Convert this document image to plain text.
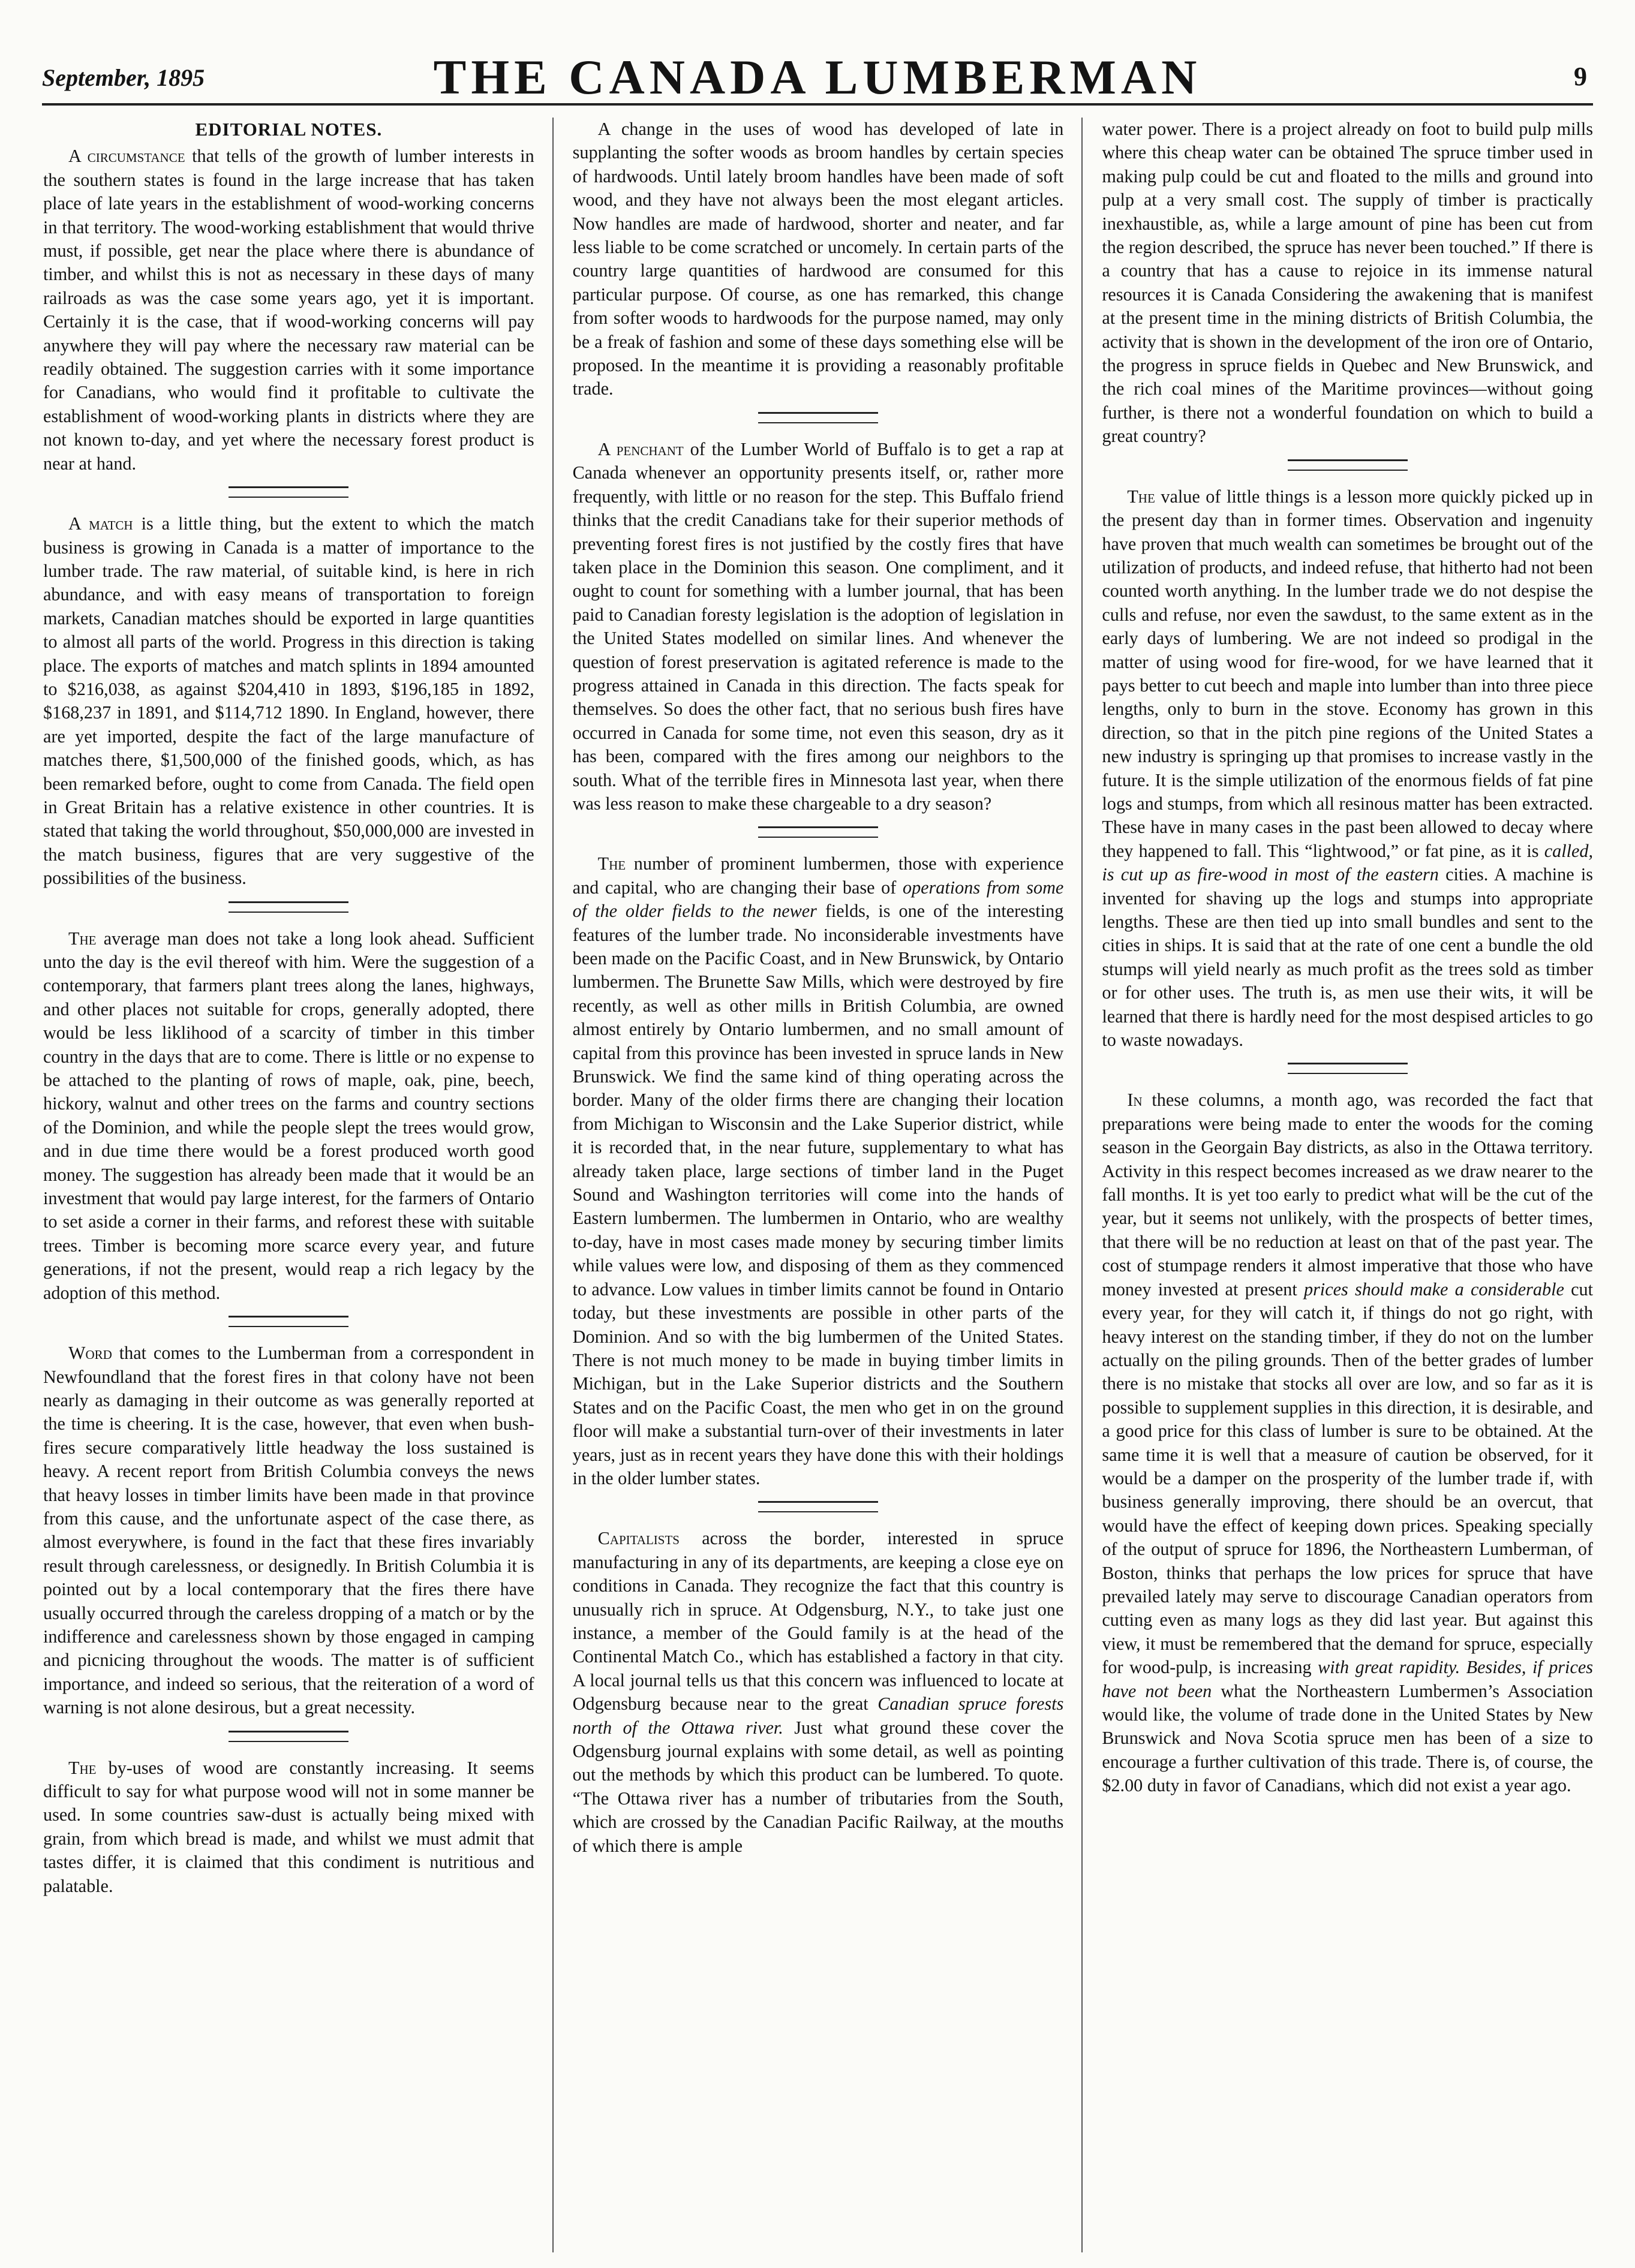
September, 1895	THE CANADA LUMBERMAN	9
EDITORIAL NOTES.

A circumstance that tells of the growth of lumber interests in the southern states is found in the large increase that has taken place of late years in the establishment of wood-working concerns in that territory. The wood-working establishment that would thrive must, if possible, get near the place where there is abundance of timber, and whilst this is not as necessary in these days of many railroads as was the case some years ago, yet it is important. Certainly it is the case, that if wood-working concerns will pay anywhere they will pay where the necessary raw material can be readily obtained. The suggestion carries with it some importance for Canadians, who would find it profitable to cultivate the establishment of wood-working plants in districts where they are not known to-day, and yet where the necessary forest product is near at hand.

A match is a little thing, but the extent to which the match business is growing in Canada is a matter of importance to the lumber trade. The raw material, of suitable kind, is here in rich abundance, and with easy means of transportation to foreign markets, Canadian matches should be exported in large quantities to almost all parts of the world. Progress in this direction is taking place. The exports of matches and match splints in 1894 amounted to $216,038, as against $204,410 in 1893, $196,185 in 1892, $168,237 in 1891, and $114,712 1890. In England, however, there are yet imported, despite the fact of the large manufacture of matches there, $1,500,000 of the finished goods, which, as has been remarked before, ought to come from Canada. The field open in Great Britain has a relative existence in other countries. It is stated that taking the world throughout, $50,000,000 are invested in the match business, figures that are very suggestive of the possibilities of the business.

The average man does not take a long look ahead. Sufficient unto the day is the evil thereof with him. Were the suggestion of a contemporary, that farmers plant trees along the lanes, highways, and other places not suitable for crops, generally adopted, there would be less liklihood of a scarcity of timber in this timber country in the days that are to come. There is little or no expense to be attached to the planting of rows of maple, oak, pine, beech, hickory, walnut and other trees on the farms and country sections of the Dominion, and while the people slept the trees would grow, and in due time there would be a forest produced worth good money. The suggestion has already been made that it would be an investment that would pay large interest, for the farmers of Ontario to set aside a corner in their farms, and reforest these with suitable trees. Timber is becoming more scarce every year, and future generations, if not the present, would reap a rich legacy by the adoption of this method.

Word that comes to the Lumberman from a correspondent in Newfoundland that the forest fires in that colony have not been nearly as damaging in their outcome as was generally reported at the time is cheering. It is the case, however, that even when bush-fires secure comparatively little headway the loss sustained is heavy. A recent report from British Columbia conveys the news that heavy losses in timber limits have been made in that province from this cause, and the unfortunate aspect of the case there, as almost everywhere, is found in the fact that these fires invariably result through carelessness, or designedly. In British Columbia it is pointed out by a local contemporary that the fires there have usually occurred through the careless dropping of a match or by the indifference and carelessness shown by those engaged in camping and picnicing throughout the woods. The matter is of sufficient importance, and indeed so serious, that the reiteration of a word of warning is not alone desirous, but a great necessity.

The by-uses of wood are constantly increasing. It seems difficult to say for what purpose wood will not in some manner be used. In some countries saw-dust is actually being mixed with grain, from which bread is made, and whilst we must admit that tastes differ, it is claimed that this condiment is nutritious and palatable.

A change in the uses of wood has developed of late in supplanting the softer woods as broom handles by certain species of hardwoods. Until lately broom handles have been made of soft wood, and they have not always been the most elegant articles. Now handles are made of hardwood, shorter and neater, and far less liable to be come scratched or uncomely. In certain parts of the country large quantities of hardwood are consumed for this particular purpose. Of course, as one has remarked, this change from softer woods to hardwoods for the purpose named, may only be a freak of fashion and some of these days something else will be proposed. In the meantime it is providing a reasonably profitable trade.

A penchant of the Lumber World of Buffalo is to get a rap at Canada whenever an opportunity presents itself, or, rather more frequently, with little or no reason for the step. This Buffalo friend thinks that the credit Canadians take for their superior methods of preventing forest fires is not justified by the costly fires that have taken place in the Dominion this season. One compliment, and it ought to count for something with a lumber journal, that has been paid to Canadian foresty legislation is the adoption of legislation in the United States modelled on similar lines. And whenever the question of forest preservation is agitated reference is made to the progress attained in Canada in this direction. The facts speak for themselves. So does the other fact, that no serious bush fires have occurred in Canada for some time, not even this season, dry as it has been, compared with the fires among our neighbors to the south. What of the terrible fires in Minnesota last year, when there was less reason to make these chargeable to a dry season?

The number of prominent lumbermen, those with experience and capital, who are changing their base of operations from some of the older fields to the newer fields, is one of the interesting features of the lumber trade. No inconsiderable investments have been made on the Pacific Coast, and in New Brunswick, by Ontario lumbermen. The Brunette Saw Mills, which were destroyed by fire recently, as well as other mills in British Columbia, are owned almost entirely by Ontario lumbermen, and no small amount of capital from this province has been invested in spruce lands in New Brunswick. We find the same kind of thing operating across the border. Many of the older firms there are changing their location from Michigan to Wisconsin and the Lake Superior district, while it is recorded that, in the near future, supplementary to what has already taken place, large sections of timber land in the Puget Sound and Washington territories will come into the hands of Eastern lumbermen. The lumbermen in Ontario, who are wealthy to-day, have in most cases made money by securing timber limits while values were low, and disposing of them as they commenced to advance. Low values in timber limits cannot be found in Ontario today, but these investments are possible in other parts of the Dominion. And so with the big lumbermen of the United States. There is not much money to be made in buying timber limits in Michigan, but in the Lake Superior districts and the Southern States and on the Pacific Coast, the men who get in on the ground floor will make a substantial turn-over of their investments in later years, just as in recent years they have done this with their holdings in the older lumber states.

Capitalists across the border, interested in spruce manufacturing in any of its departments, are keeping a close eye on conditions in Canada. They recognize the fact that this country is unusually rich in spruce. At Odgensburg, N.Y., to take just one instance, a member of the Gould family is at the head of the Continental Match Co., which has established a factory in that city. A local journal tells us that this concern was influenced to locate at Odgensburg because near to the great Canadian spruce forests north of the Ottawa river. Just what ground these cover the Odgensburg journal explains with some detail, as well as pointing out the methods by which this product can be lumbered. To quote. “The Ottawa river has a number of tributaries from the South, which are crossed by the Canadian Pacific Railway, at the mouths of which there is ample

water power. There is a project already on foot to build pulp mills where this cheap water can be obtained The spruce timber used in making pulp could be cut and floated to the mills and ground into pulp at a very small cost. The supply of timber is practically inexhaustible, as, while a large amount of pine has been cut from the region described, the spruce has never been touched.” If there is a country that has a cause to rejoice in its immense natural resources it is Canada Considering the awakening that is manifest at the present time in the mining districts of British Columbia, the activity that is shown in the development of the iron ore of Ontario, the progress in spruce fields in Quebec and New Brunswick, and the rich coal mines of the Maritime provinces—without going further, is there not a wonderful foundation on which to build a great country?

The value of little things is a lesson more quickly picked up in the present day than in former times. Observation and ingenuity have proven that much wealth can sometimes be brought out of the utilization of products, and indeed refuse, that hitherto had not been counted worth anything. In the lumber trade we do not despise the culls and refuse, nor even the sawdust, to the same extent as in the early days of lumbering. We are not indeed so prodigal in the matter of using wood for fire-wood, for we have learned that it pays better to cut beech and maple into lumber than into three piece lengths, only to burn in the stove. Economy has grown in this direction, so that in the pitch pine regions of the United States a new industry is springing up that promises to increase vastly in the future. It is the simple utilization of the enormous fields of fat pine logs and stumps, from which all resinous matter has been extracted. These have in many cases in the past been allowed to decay where they happened to fall. This “lightwood,” or fat pine, as it is called, is cut up as fire-wood in most of the eastern cities. A machine is invented for shaving up the logs and stumps into appropriate lengths. These are then tied up into small bundles and sent to the cities in ships. It is said that at the rate of one cent a bundle the old stumps will yield nearly as much profit as the trees sold as timber or for other uses. The truth is, as men use their wits, it will be learned that there is hardly need for the most despised articles to go to waste nowadays.

In these columns, a month ago, was recorded the fact that preparations were being made to enter the woods for the coming season in the Georgain Bay districts, as also in the Ottawa territory. Activity in this respect becomes increased as we draw nearer to the fall months. It is yet too early to predict what will be the cut of the year, but it seems not unlikely, with the prospects of better times, that there will be no reduction at least on that of the past year. The cost of stumpage renders it almost imperative that those who have money invested at present prices should make a considerable cut every year, for they will catch it, if things do not go right, with heavy interest on the standing timber, if they do not on the lumber actually on the piling grounds. Then of the better grades of lumber there is no mistake that stocks all over are low, and so far as it is possible to supplement supplies in this direction, it is desirable, and a good price for this class of lumber is sure to be obtained. At the same time it is well that a measure of caution be observed, for it would be a damper on the prosperity of the lumber trade if, with business generally improving, there should be an overcut, that would have the effect of keeping down prices. Speaking specially of the output of spruce for 1896, the Northeastern Lumberman, of Boston, thinks that perhaps the low prices for spruce that have prevailed lately may serve to discourage Canadian operators from cutting even as many logs as they did last year. But against this view, it must be remembered that the demand for spruce, especially for wood-pulp, is increasing with great rapidity. Besides, if prices have not been what the Northeastern Lumbermen’s Association would like, the volume of trade done in the United States by New Brunswick and Nova Scotia spruce men has been of a size to encourage a further cultivation of this trade. There is, of course, the $2.00 duty in favor of Canadians, which did not exist a year ago.
